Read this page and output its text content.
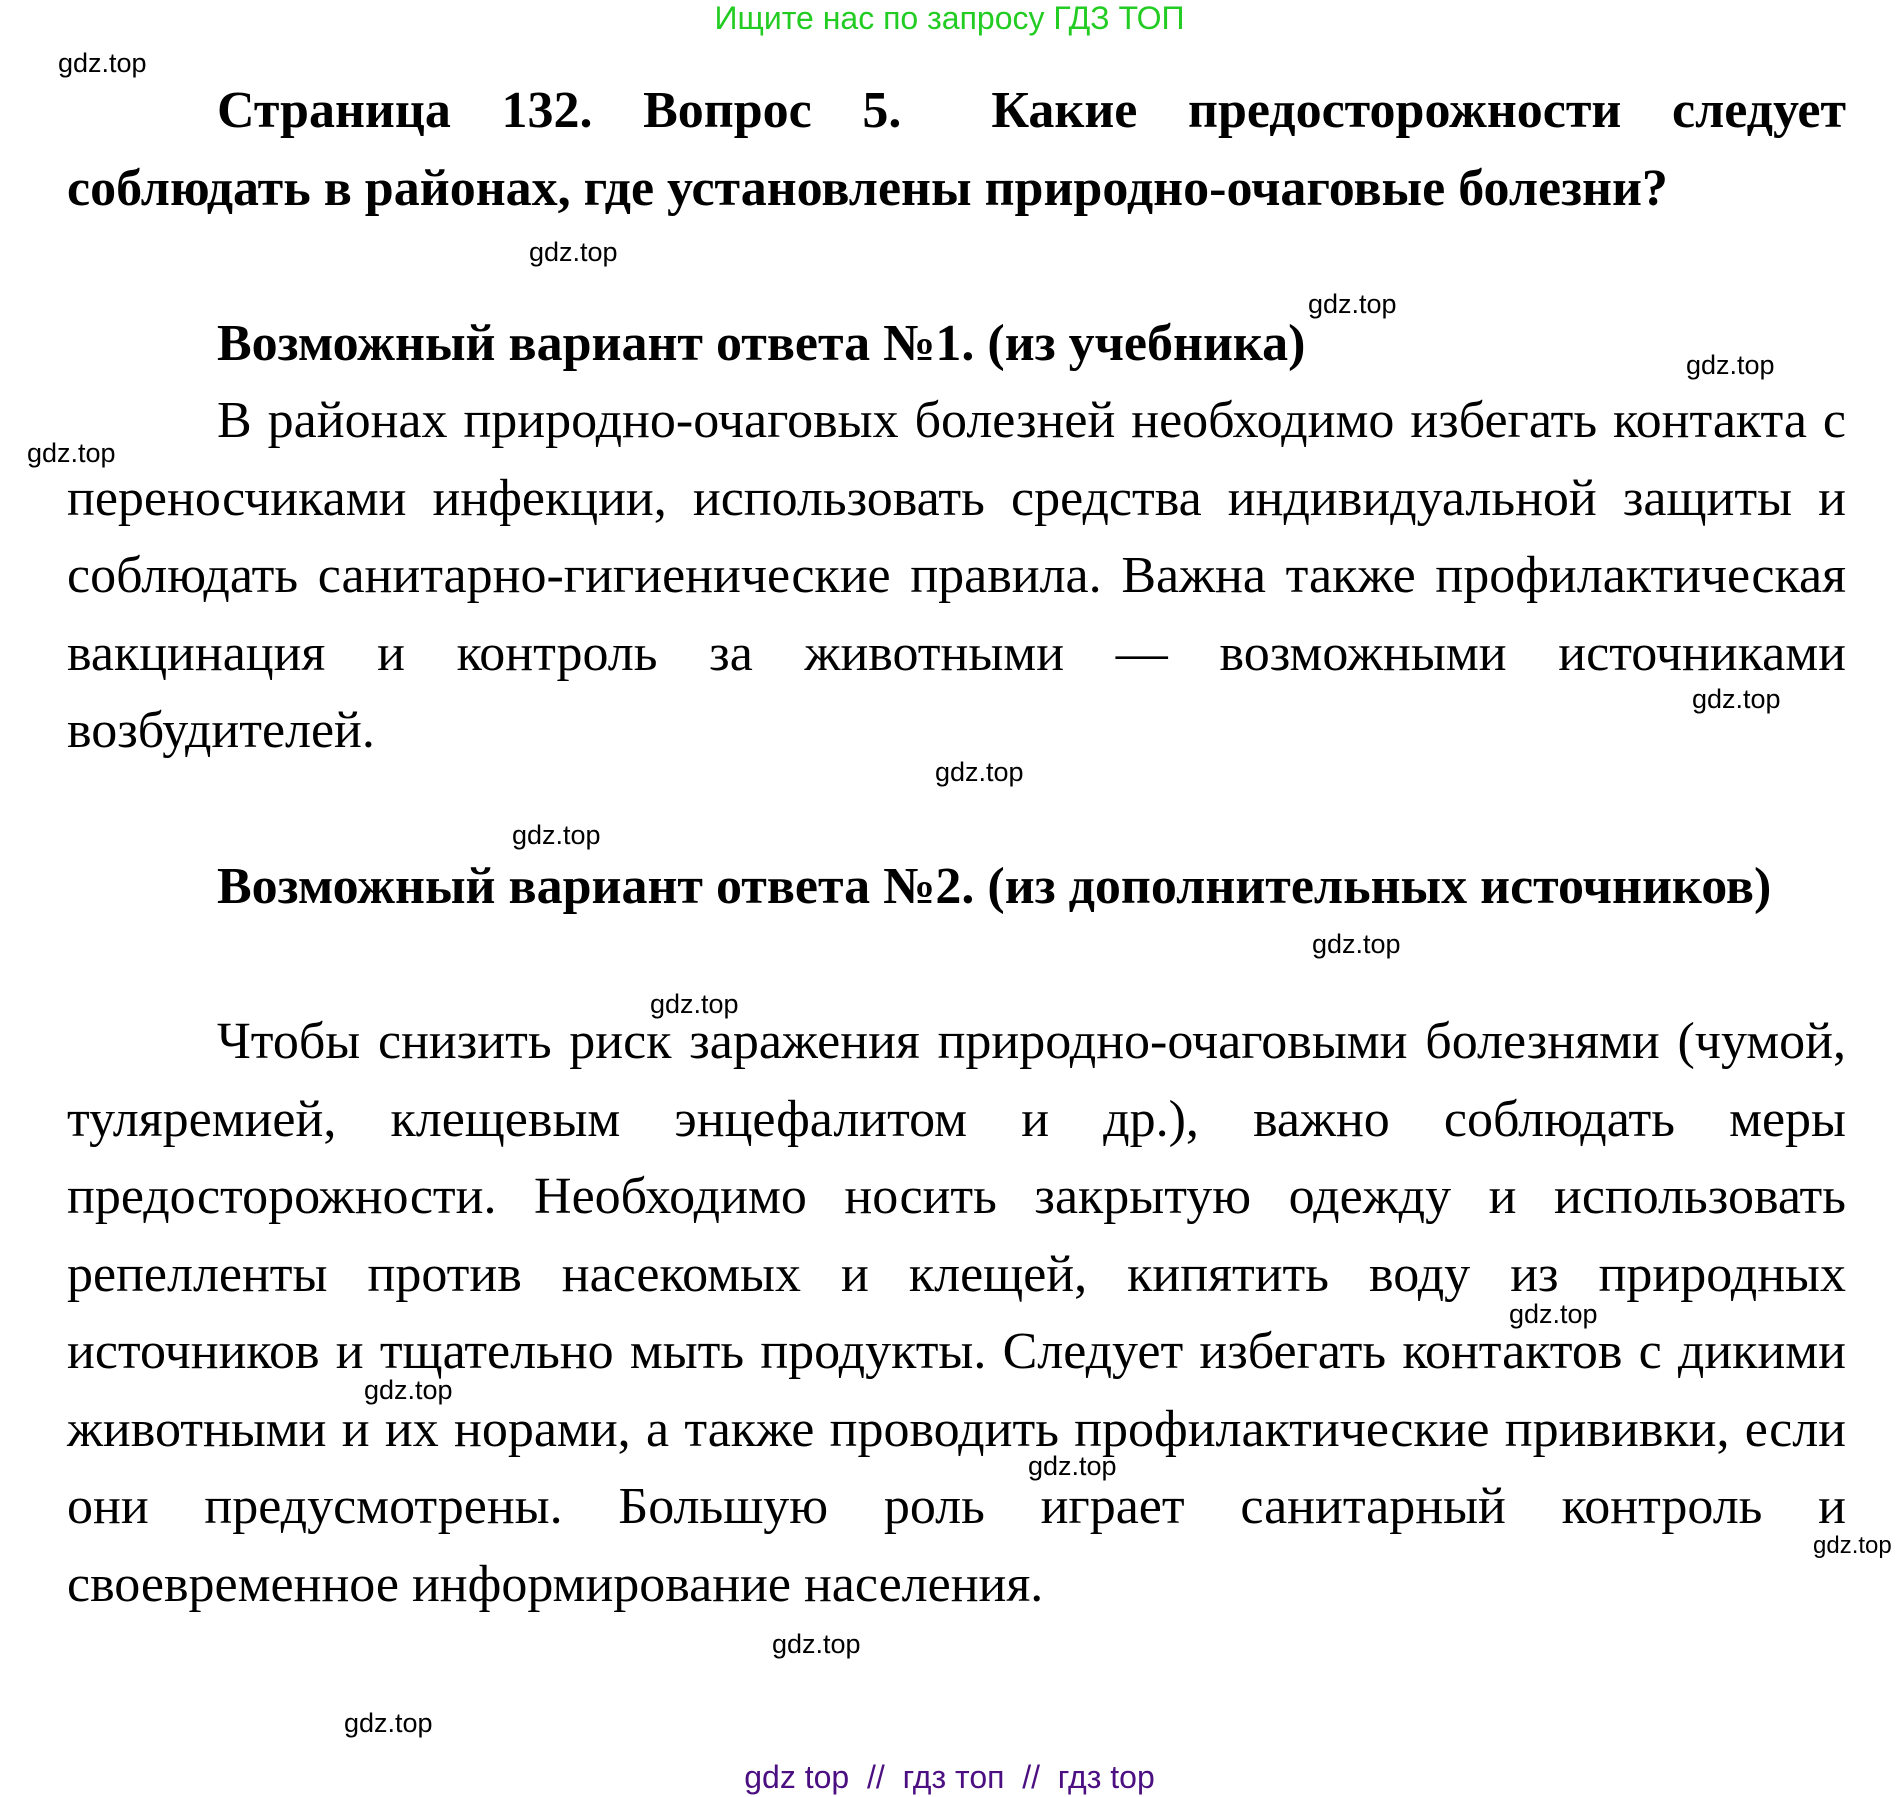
Ищите нас по запросу ГДЗ ТОП
Страница 132. Вопрос 5. Какие предосторожности следует соблюдать в районах, где установлены природно-очаговые болезни?
Возможный вариант ответа №1. (из учебника)
В районах природно-очаговых болезней необходимо избегать контакта с переносчиками инфекции, использовать средства индивидуальной защиты и соблюдать санитарно-гигиенические правила. Важна также профилактическая вакцинация и контроль за животными — возможными источниками возбудителей.
Возможный вариант ответа №2. (из дополнительных источников)
Чтобы снизить риск заражения природно-очаговыми болезнями (чумой, туляремией, клещевым энцефалитом и др.), важно соблюдать меры предосторожности. Необходимо носить закрытую одежду и использовать репелленты против насекомых и клещей, кипятить воду из природных источников и тщательно мыть продукты. Следует избегать контактов с дикими животными и их норами, а также проводить профилактические прививки, если они предусмотрены. Большую роль играет санитарный контроль и своевременное информирование населения.
gdz.top
gdz.top
gdz.top
gdz.top
gdz.top
gdz.top
gdz.top
gdz.top
gdz.top
gdz.top
gdz.top
gdz.top
gdz.top
gdz.top
gdz.top
gdz.top
gdz top  //  гдз топ  //  гдз top
